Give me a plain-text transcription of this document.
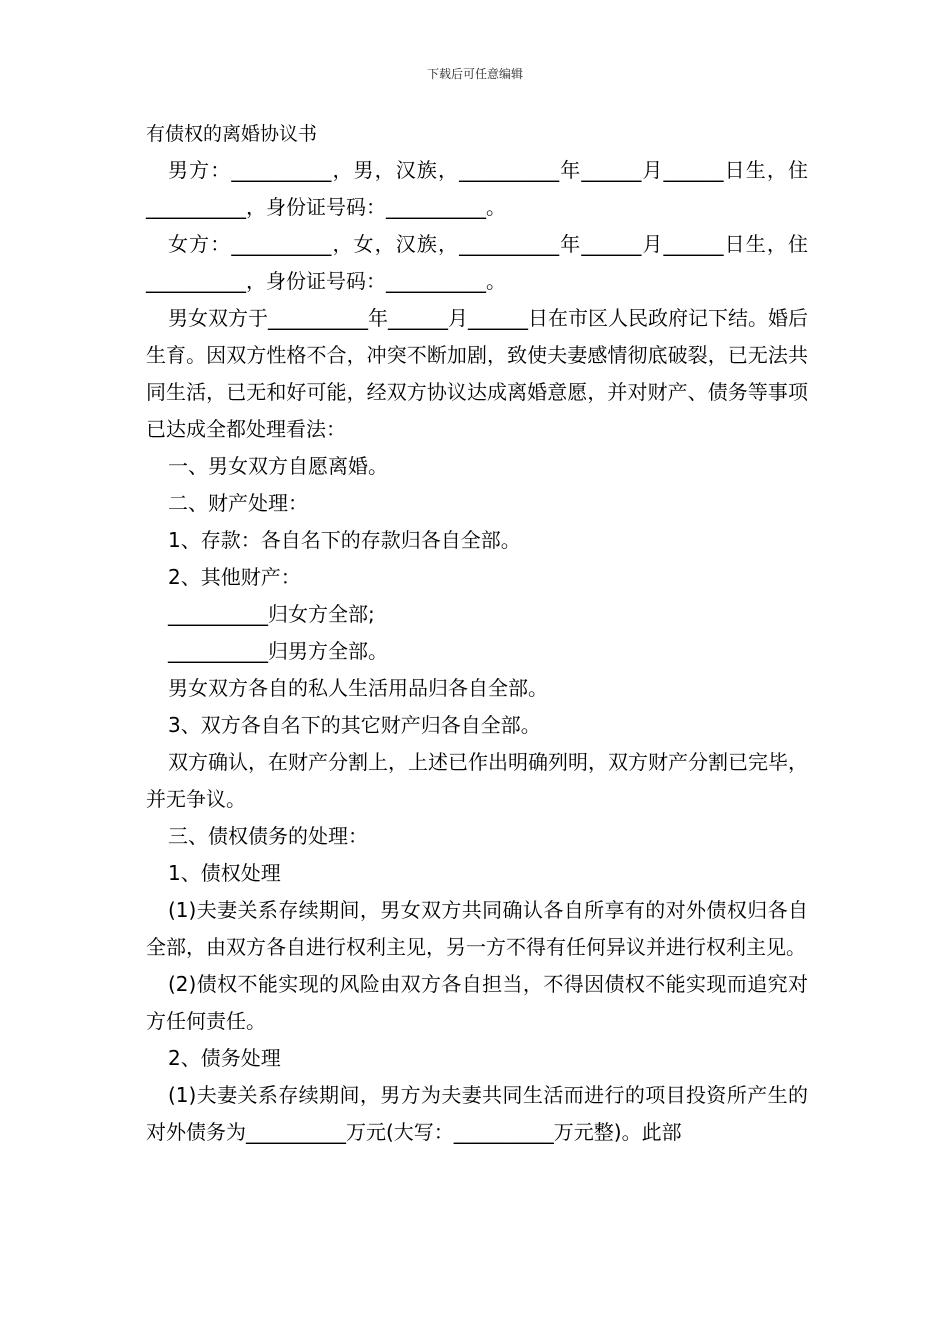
下载后可任意编辑

有债权的离婚协议书

男方：__________，男，汉族，__________年______月______日生，住__________，身份证号码：__________。

女方：__________，女，汉族，__________年______月______日生，住__________，身份证号码：__________。

男女双方于__________年______月______日在市区人民政府记下结。婚后生育。因双方性格不合，冲突不断加剧，致使夫妻感情彻底破裂，已无法共同生活，已无和好可能，经双方协议达成离婚意愿，并对财产、债务等事项已达成全都处理看法：

一、男女双方自愿离婚。

二、财产处理：

1、存款：各自名下的存款归各自全部。

2、其他财产：

__________归女方全部;

__________归男方全部。

男女双方各自的私人生活用品归各自全部。

3、双方各自名下的其它财产归各自全部。

双方确认，在财产分割上，上述已作出明确列明，双方财产分割已完毕，并无争议。

三、债权债务的处理：

1、债权处理

(1)夫妻关系存续期间，男女双方共同确认各自所享有的对外债权归各自全部，由双方各自进行权利主见，另一方不得有任何异议并进行权利主见。

(2)债权不能实现的风险由双方各自担当，不得因债权不能实现而追究对方任何责任。

2、债务处理

(1)夫妻关系存续期间，男方为夫妻共同生活而进行的项目投资所产生的对外债务为__________万元(大写：__________万元整)。此部
